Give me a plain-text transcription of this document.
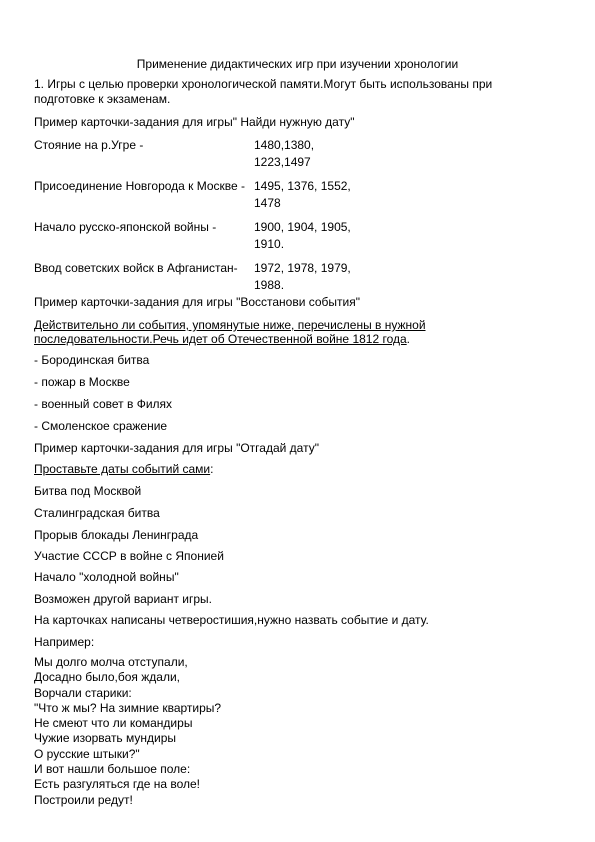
Применение дидактических игр при изучении хронологии
1. Игры с целью проверки хронологической памяти.Могут быть использованы при
подготовке к экзаменам.
Пример карточки-задания для игры" Найди нужную дату"
Стояние на р.Угре -	1480,1380, 1223,1497
Присоединение Новгорода к Москве - 1495, 1376, 1552, 1478
Начало русско-японской войны -	1900, 1904, 1905, 1910.
Ввод советских войск в Афганистан-	1972, 1978, 1979, 1988.
Пример карточки-задания для игры "Восстанови события"
Действительно ли события, упомянутые ниже, перечислены в нужной
последовательности.Речь идет об Отечественной войне 1812 года.
- Бородинская битва
- пожар в Москве
- военный совет в Филях
- Смоленское сражение
Пример карточки-задания для игры "Отгадай дату"
Проставьте даты событий сами:
Битва под Москвой
Сталинградская битва
Прорыв блокады Ленинграда
Участие СССР в войне с Японией
Начало "холодной войны"
Возможен другой вариант игры.
На карточках написаны четверостишия,нужно назвать событие и дату.
Например:
Мы долго молча отступали,
Досадно было,боя ждали,
Ворчали старики:
"Что ж мы? На зимние квартиры?
Не смеют что ли командиры
Чужие изорвать мундиры
О русские штыки?"
И вот нашли большое поле:
Есть разгуляться где на воле!
Построили редут!
